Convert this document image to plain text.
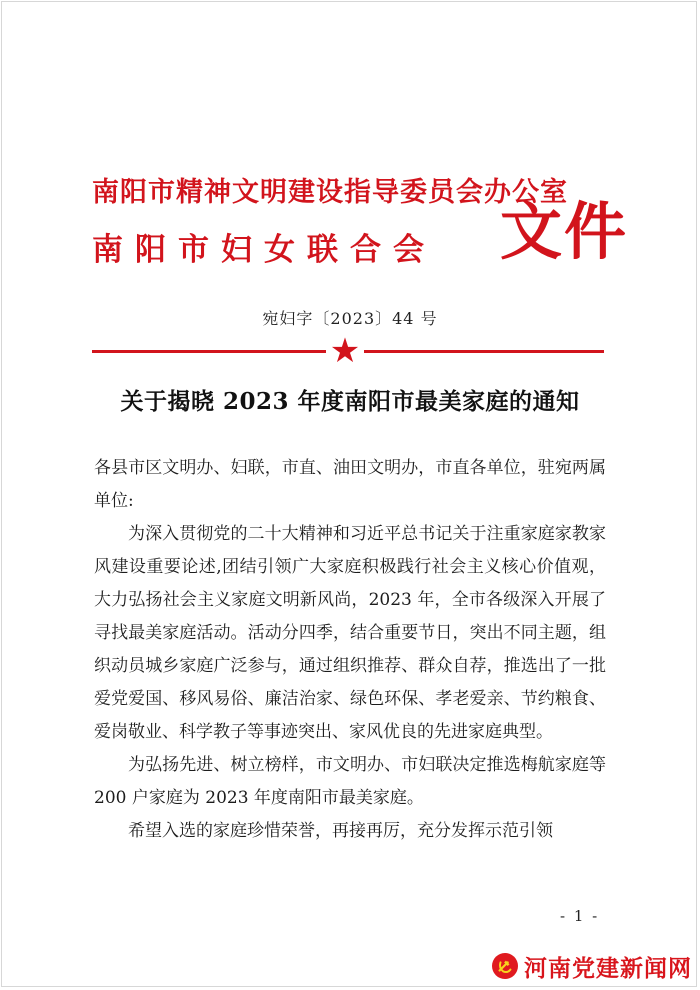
南阳市精神文明建设指导委员会办公室
南阳市妇女联合会 文件
宛妇字〔2023〕44 号
★
关于揭晓 2023 年度南阳市最美家庭的通知

各县市区文明办、妇联，市直、油田文明办，市直各单位，驻宛两属单位:

为深入贯彻党的二十大精神和习近平总书记关于注重家庭家教家风建设重要论述,团结引领广大家庭积极践行社会主义核心价值观，大力弘扬社会主义家庭文明新风尚，2023 年，全市各级深入开展了寻找最美家庭活动。活动分四季，结合重要节日，突出不同主题，组织动员城乡家庭广泛参与，通过组织推荐、群众自荐，推选出了一批爱党爱国、移风易俗、廉洁治家、绿色环保、孝老爱亲、节约粮食、爱岗敬业、科学教子等事迹突出、家风优良的先进家庭典型。

为弘扬先进、树立榜样，市文明办、市妇联决定推选梅航家庭等 200 户家庭为 2023 年度南阳市最美家庭。

希望入选的家庭珍惜荣誉，再接再厉，充分发挥示范引领

- 1 -
河南党建新闻网
